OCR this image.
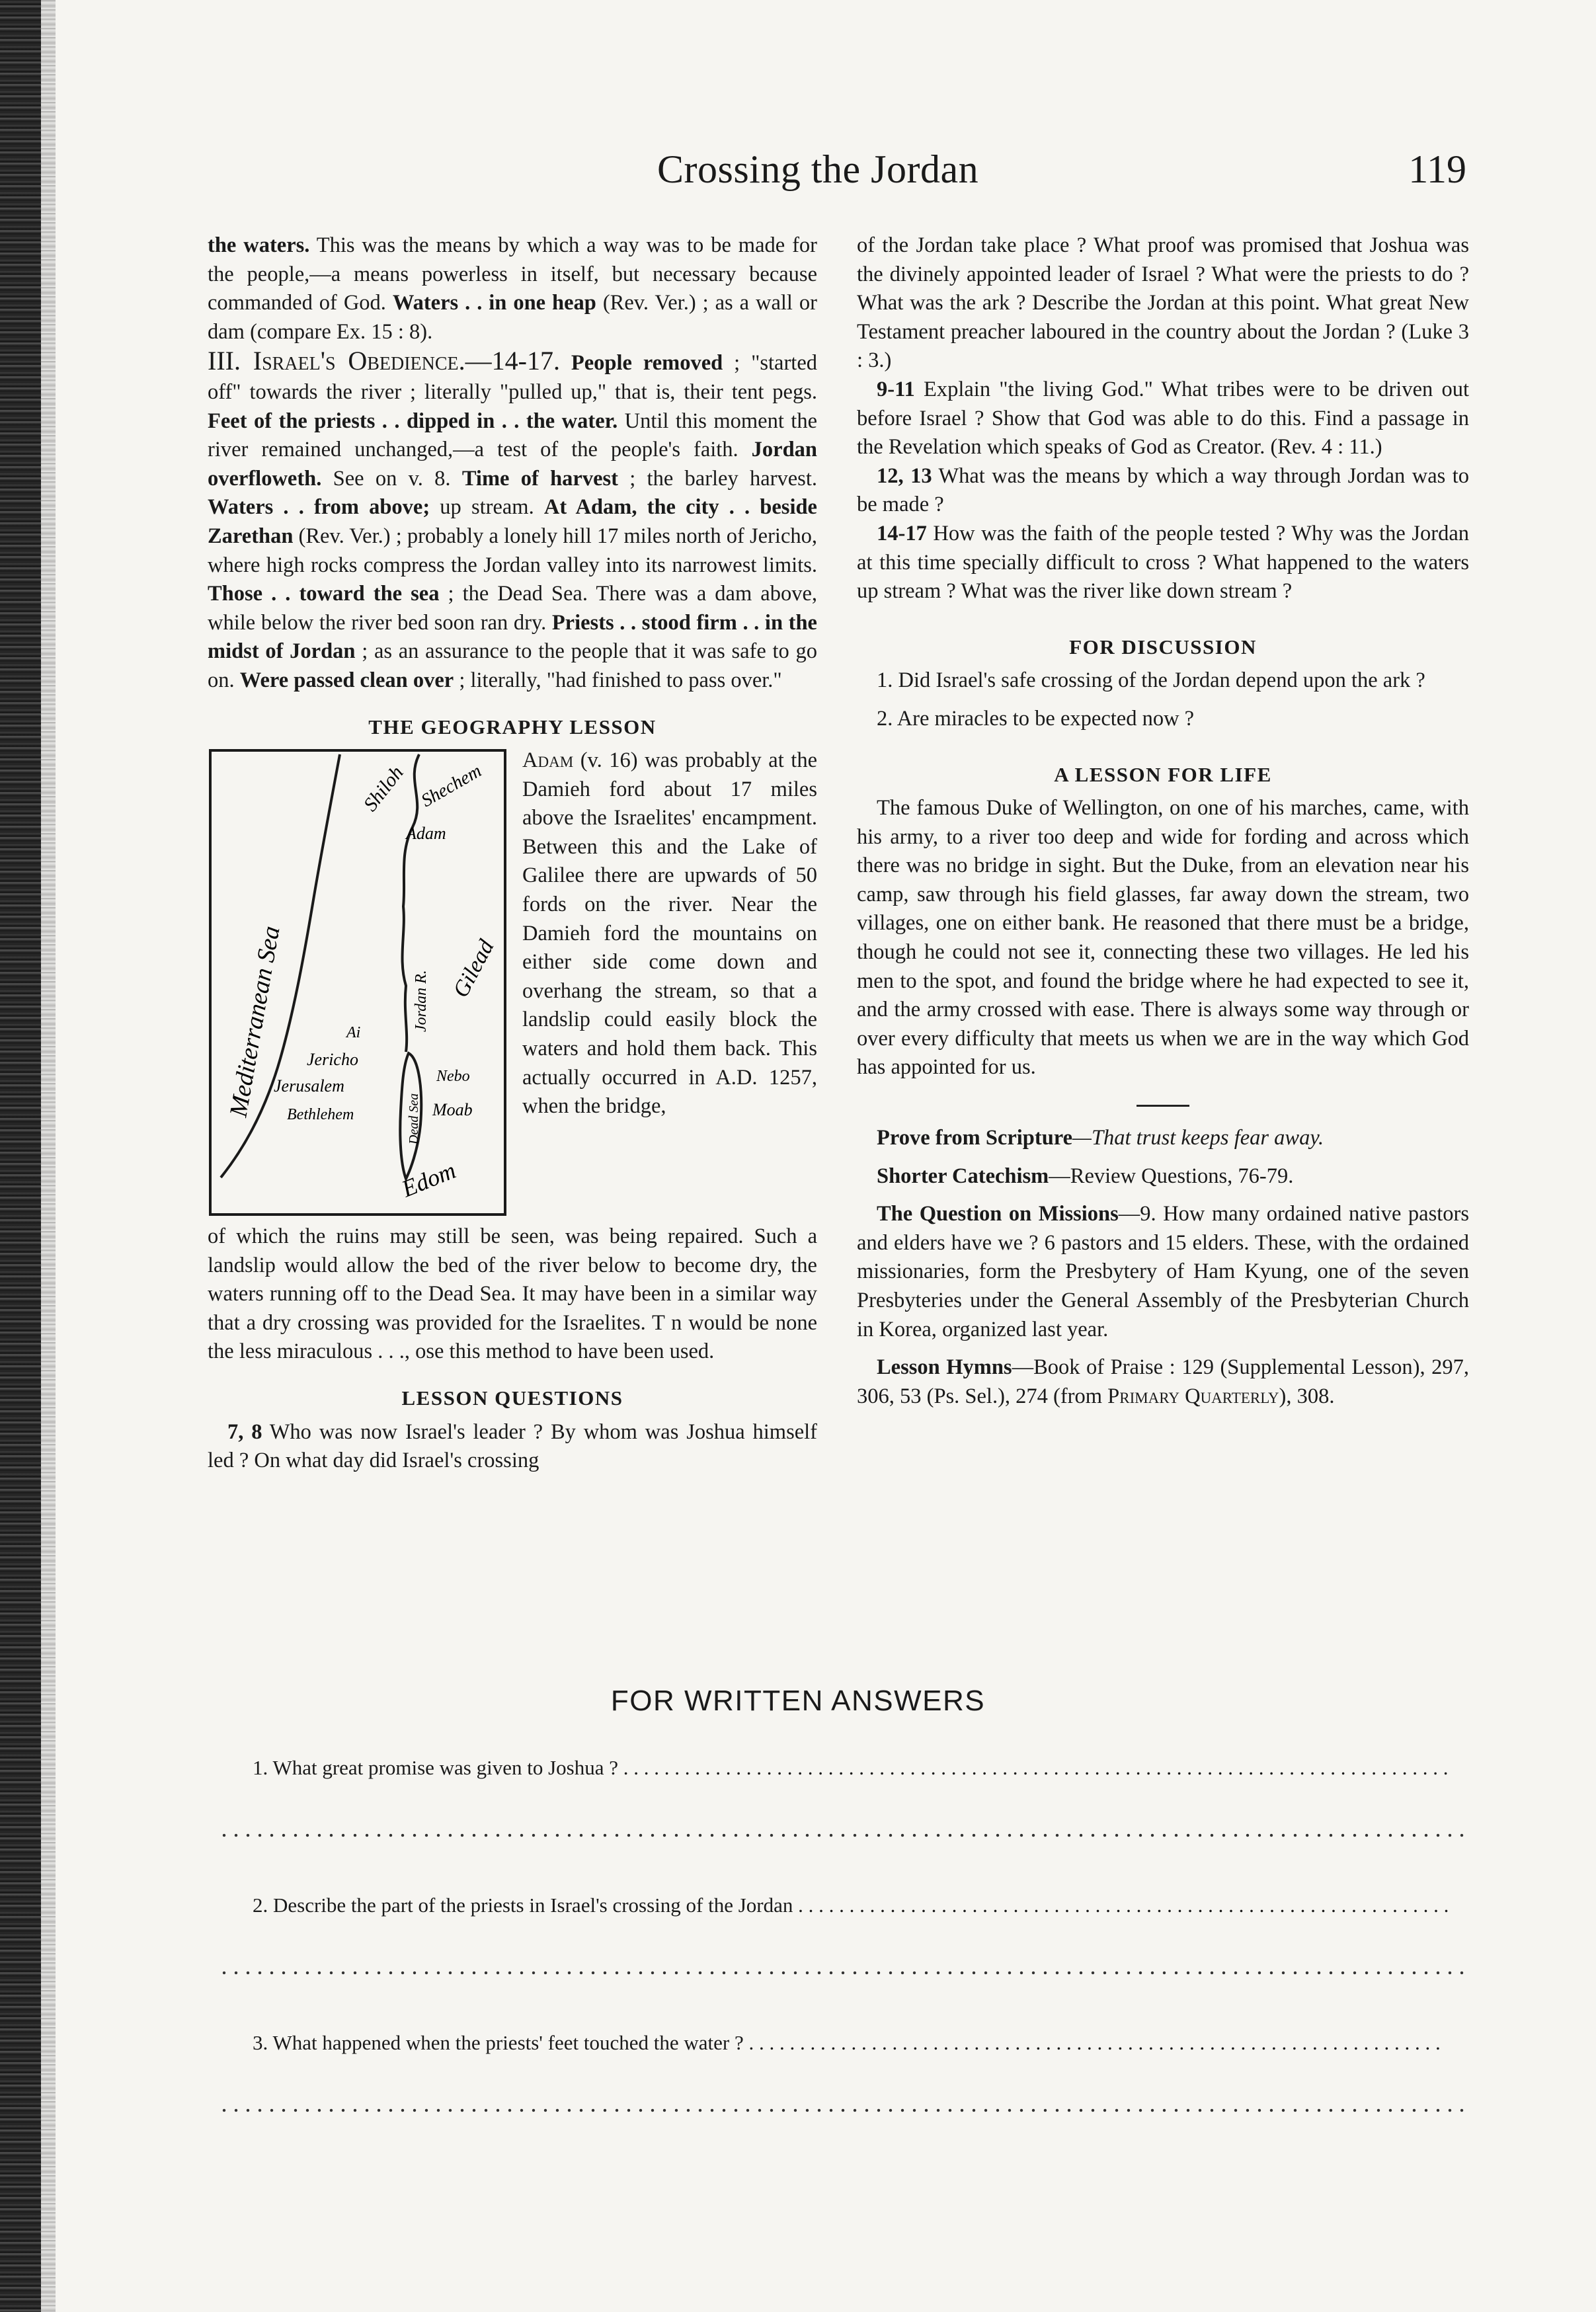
Crossing the Jordan	119

the waters. This was the means by which a way was to be made for the people,—a means powerless in itself, but necessary because commanded of God. Waters . . in one heap (Rev. Ver.) ; as a wall or dam (compare Ex. 15 : 8).

III. Israel's Obedience.—14-17. People removed ; "started off" towards the river ; literally "pulled up," that is, their tent pegs. Feet of the priests . . dipped in . . the water. Until this moment the river remained unchanged,—a test of the people's faith. Jordan overfloweth. See on v. 8. Time of harvest ; the barley harvest. Waters . . from above; up stream. At Adam, the city . . beside Zarethan (Rev. Ver.) ; probably a lonely hill 17 miles north of Jericho, where high rocks compress the Jordan valley into its narrowest limits. Those . . toward the sea ; the Dead Sea. There was a dam above, while below the river bed soon ran dry. Priests . . stood firm . . in the midst of Jordan ; as an assurance to the people that it was safe to go on. Were passed clean over ; literally, "had finished to pass over."

THE GEOGRAPHY LESSON
Mediterranean Sea
Shiloh Shechem
Adam
Gilead
Jordan R.
Ai
Jericho
Jerusalem
Bethlehem
Nebo
Moab
Dead Sea
Edom
Adam (v. 16) was probably at the Damieh ford about 17 miles above the Israelites' encampment. Between this and the Lake of Galilee there are upwards of 50 fords on the river. Near the Damieh ford the mountains on either side come down and overhang the stream, so that a landslip could easily block the waters and hold them back. This actually occurred in A.D. 1257, when the bridge,

of which the ruins may still be seen, was being repaired. Such a landslip would allow the bed of the river below to become dry, the waters running off to the Dead Sea. It may have been in a similar way that a dry crossing was provided for the Israelites. T n would be none the less miraculous . . ., ose this method to have been used.

LESSON QUESTIONS

7, 8 Who was now Israel's leader ? By whom was Joshua himself led ? On what day did Israel's crossing

of the Jordan take place ? What proof was promised that Joshua was the divinely appointed leader of Israel ? What were the priests to do ? What was the ark ? Describe the Jordan at this point. What great New Testament preacher laboured in the country about the Jordan ? (Luke 3 : 3.)

9-11 Explain "the living God." What tribes were to be driven out before Israel ? Show that God was able to do this. Find a passage in the Revelation which speaks of God as Creator. (Rev. 4 : 11.)

12, 13 What was the means by which a way through Jordan was to be made ?

14-17 How was the faith of the people tested ? Why was the Jordan at this time specially difficult to cross ? What happened to the waters up stream ? What was the river like down stream ?

FOR DISCUSSION

1. Did Israel's safe crossing of the Jordan depend upon the ark ?

2. Are miracles to be expected now ?

A LESSON FOR LIFE

The famous Duke of Wellington, on one of his marches, came, with his army, to a river too deep and wide for fording and across which there was no bridge in sight. But the Duke, from an elevation near his camp, saw through his field glasses, far away down the stream, two villages, one on either bank. He reasoned that there must be a bridge, though he could not see it, connecting these two villages. He led his men to the spot, and found the bridge where he had expected to see it, and the army crossed with ease. There is always some way through or over every difficulty that meets us when we are in the way which God has appointed for us.

Prove from Scripture—That trust keeps fear away.

Shorter Catechism—Review Questions, 76-79.

The Question on Missions—9. How many ordained native pastors and elders have we ? 6 pastors and 15 elders. These, with the ordained missionaries, form the Presbytery of Ham Kyung, one of the seven Presbyteries under the General Assembly of the Presbyterian Church in Korea, organized last year.

Lesson Hymns—Book of Praise : 129 (Supplemental Lesson), 297, 306, 53 (Ps. Sel.), 274 (from Primary Quarterly), 308.

FOR WRITTEN ANSWERS
1. What great promise was given to Joshua ? . . . . . . . . . . . . . . . . . . . . . . . . . . . . . . . . . . . . . . . . . . . . . . . . . . . . . . . . . . . . . . . . . . . . . . . . . . . . . . . . .
2. Describe the part of the priests in Israel's crossing of the Jordan . . . . . . . . . . . . . . . . . . . . . . . . . . . . . . . . . . . . . . . . . . . . . . . . . . . . . . . . . . . . . . . .
3. What happened when the priests' feet touched the water ? . . . . . . . . . . . . . . . . . . . . . . . . . . . . . . . . . . . . . . . . . . . . . . . . . . . . . . . . . . . . . . . . . . . .
